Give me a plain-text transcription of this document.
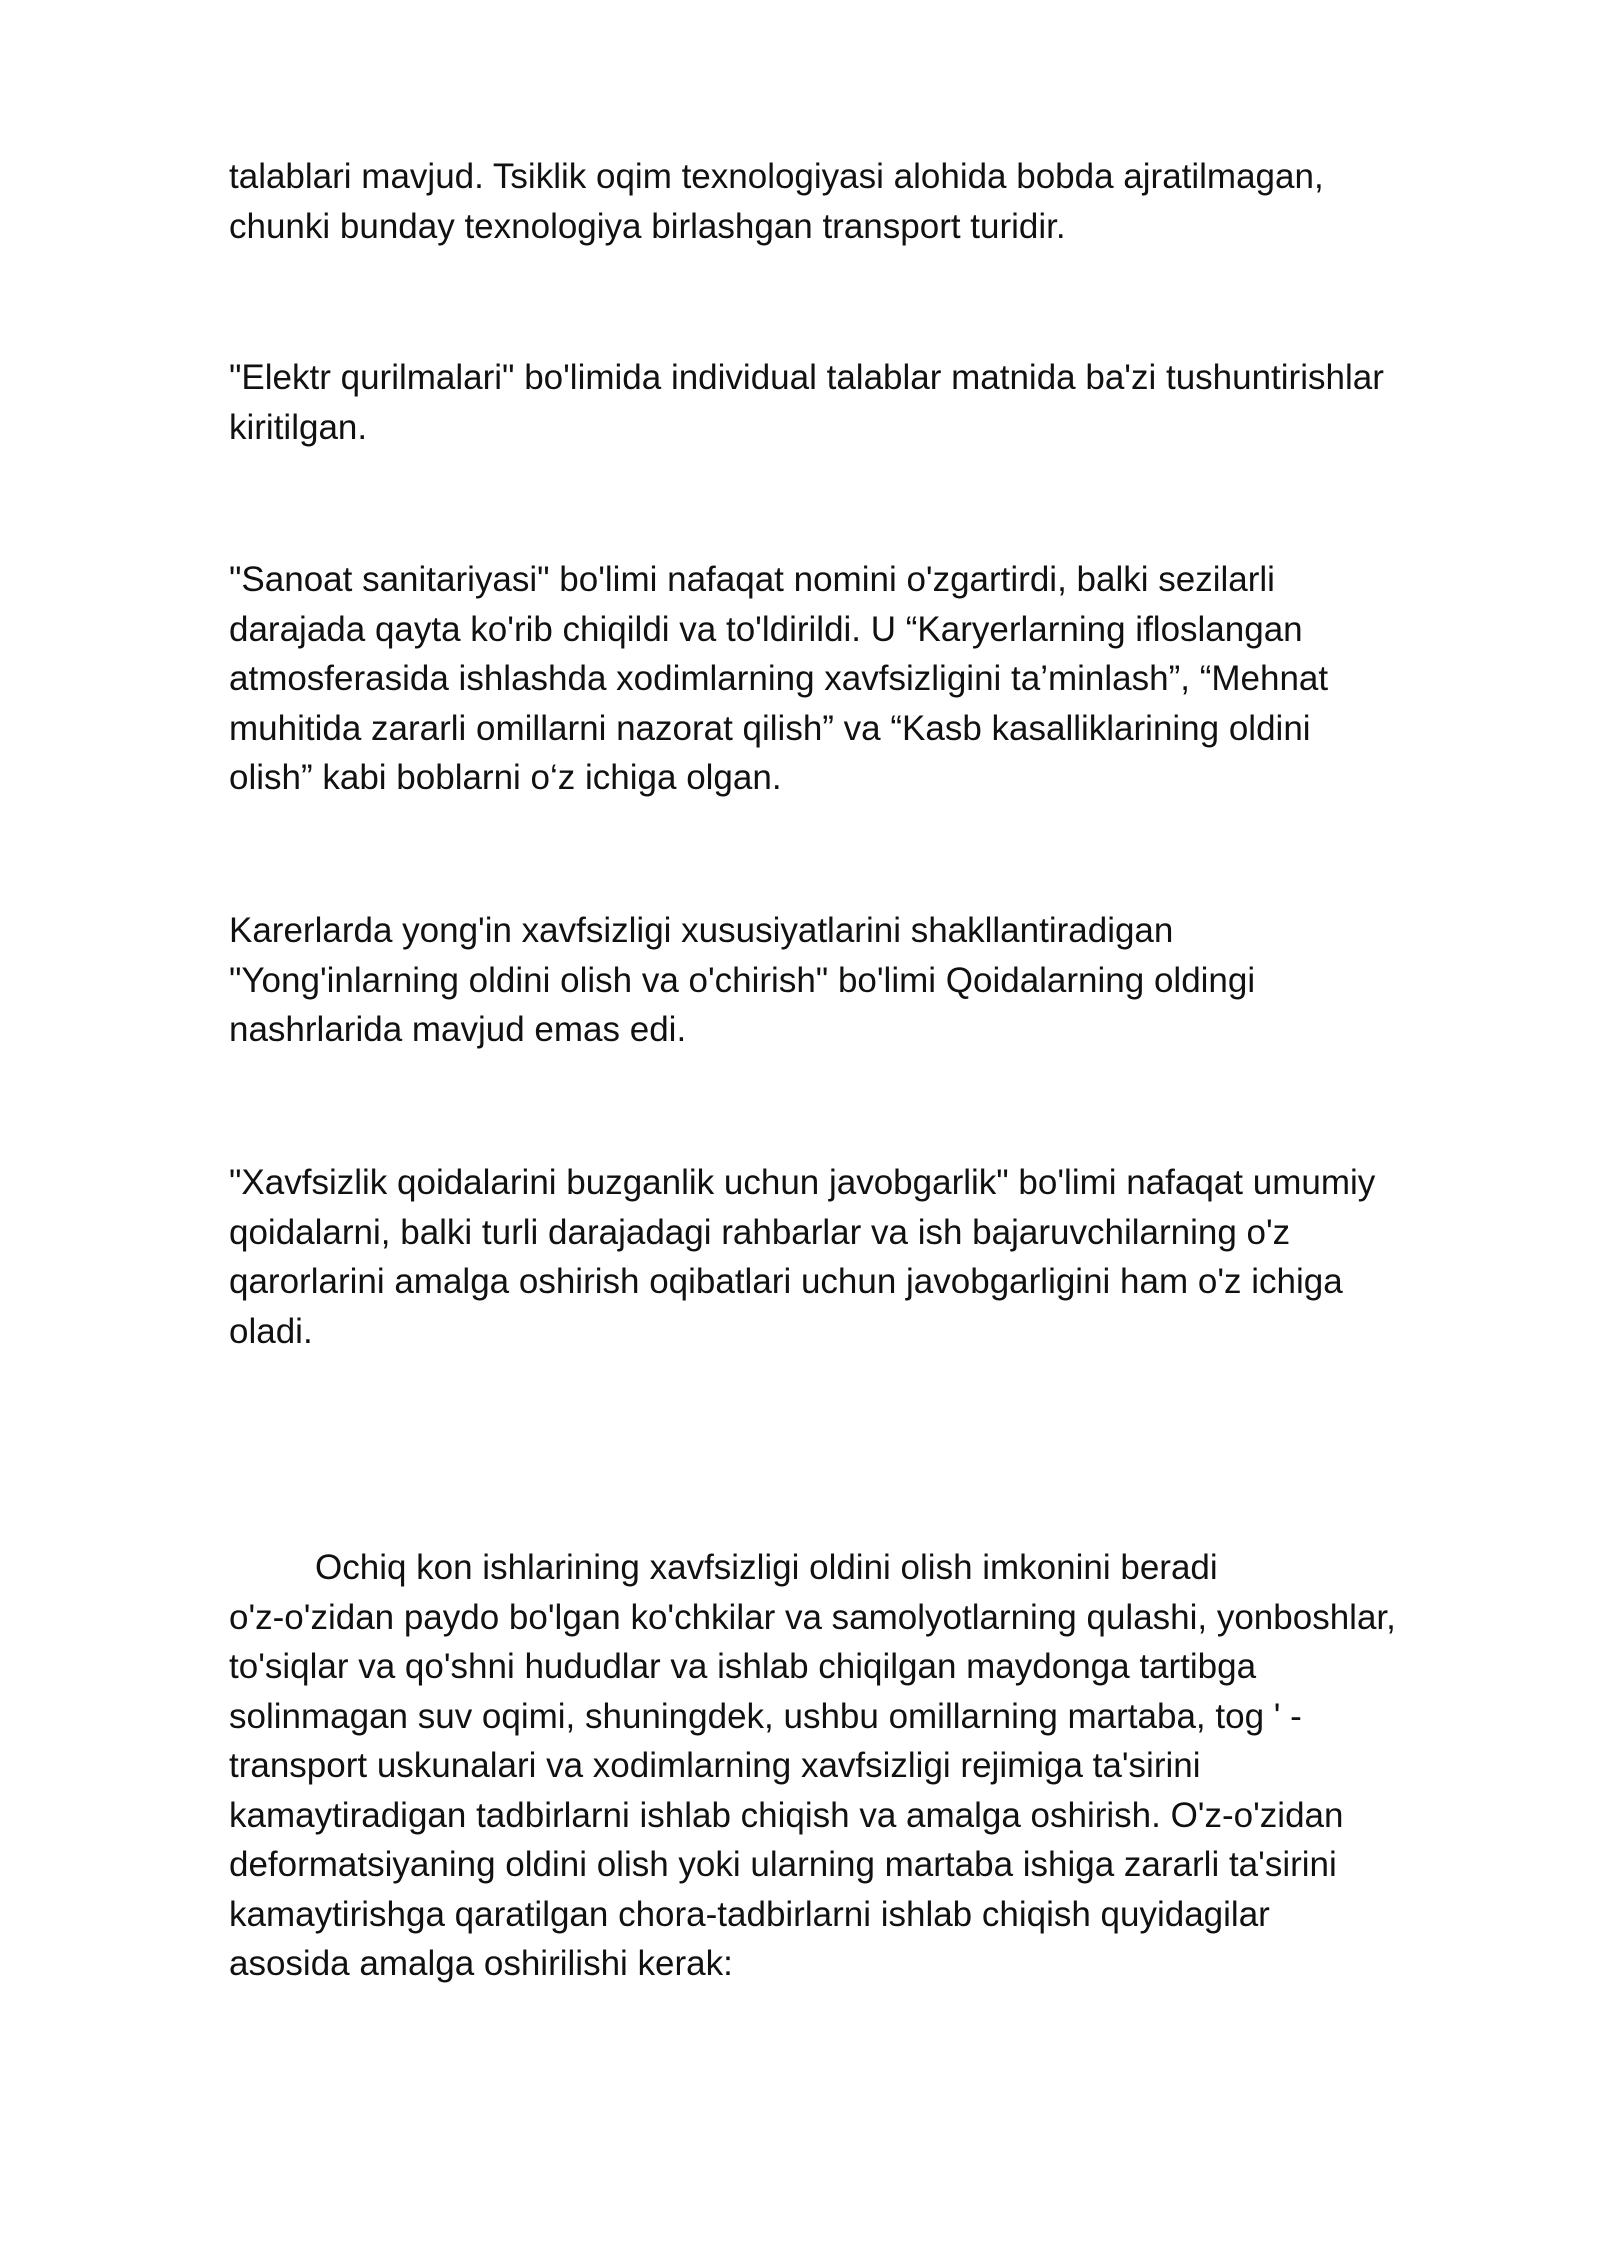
talablari mavjud. Tsiklik oqim texnologiyasi alohida bobda ajratilmagan,
chunki bunday texnologiya birlashgan transport turidir.

"Elektr qurilmalari" bo'limida individual talablar matnida ba'zi tushuntirishlar
kiritilgan.

"Sanoat sanitariyasi" bo'limi nafaqat nomini o'zgartirdi, balki sezilarli
darajada qayta ko'rib chiqildi va to'ldirildi. U “Karyerlarning ifloslangan
atmosferasida ishlashda xodimlarning xavfsizligini ta’minlash”, “Mehnat
muhitida zararli omillarni nazorat qilish” va “Kasb kasalliklarining oldini
olish” kabi boblarni o‘z ichiga olgan.

Karerlarda yong'in xavfsizligi xususiyatlarini shakllantiradigan
"Yong'inlarning oldini olish va o'chirish" bo'limi Qoidalarning oldingi
nashrlarida mavjud emas edi.

"Xavfsizlik qoidalarini buzganlik uchun javobgarlik" bo'limi nafaqat umumiy
qoidalarni, balki turli darajadagi rahbarlar va ish bajaruvchilarning o'z
qarorlarini amalga oshirish oqibatlari uchun javobgarligini ham o'z ichiga
oladi.

Ochiq kon ishlarining xavfsizligi oldini olish imkonini beradi
o'z-o'zidan paydo bo'lgan ko'chkilar va samolyotlarning qulashi, yonboshlar,
to'siqlar va qo'shni hududlar va ishlab chiqilgan maydonga tartibga
solinmagan suv oqimi, shuningdek, ushbu omillarning martaba, tog ' -
transport uskunalari va xodimlarning xavfsizligi rejimiga ta'sirini
kamaytiradigan tadbirlarni ishlab chiqish va amalga oshirish. O'z-o'zidan
deformatsiyaning oldini olish yoki ularning martaba ishiga zararli ta'sirini
kamaytirishga qaratilgan chora-tadbirlarni ishlab chiqish quyidagilar
asosida amalga oshirilishi kerak:
